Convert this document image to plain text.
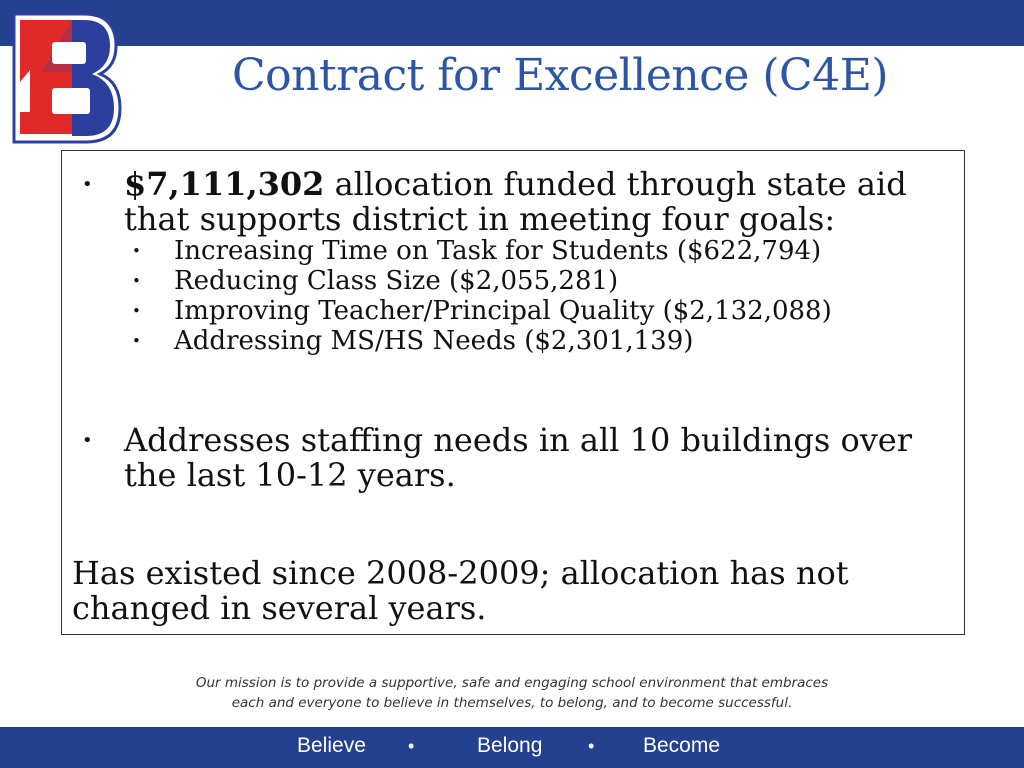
Contract for Excellence (C4E)
• $7,111,302 allocation funded through state aid that supports district in meeting four goals:
• Increasing Time on Task for Students ($622,794)
• Reducing Class Size ($2,055,281)
• Improving Teacher/Principal Quality ($2,132,088)
• Addressing MS/HS Needs ($2,301,139)
• Addresses staffing needs in all 10 buildings over the last 10-12 years.
Has existed since 2008-2009; allocation has not changed in several years.
Our mission is to provide a supportive, safe and engaging school environment that embraces
each and everyone to believe in themselves, to belong, and to become successful.
Believe •	Belong	• Become
